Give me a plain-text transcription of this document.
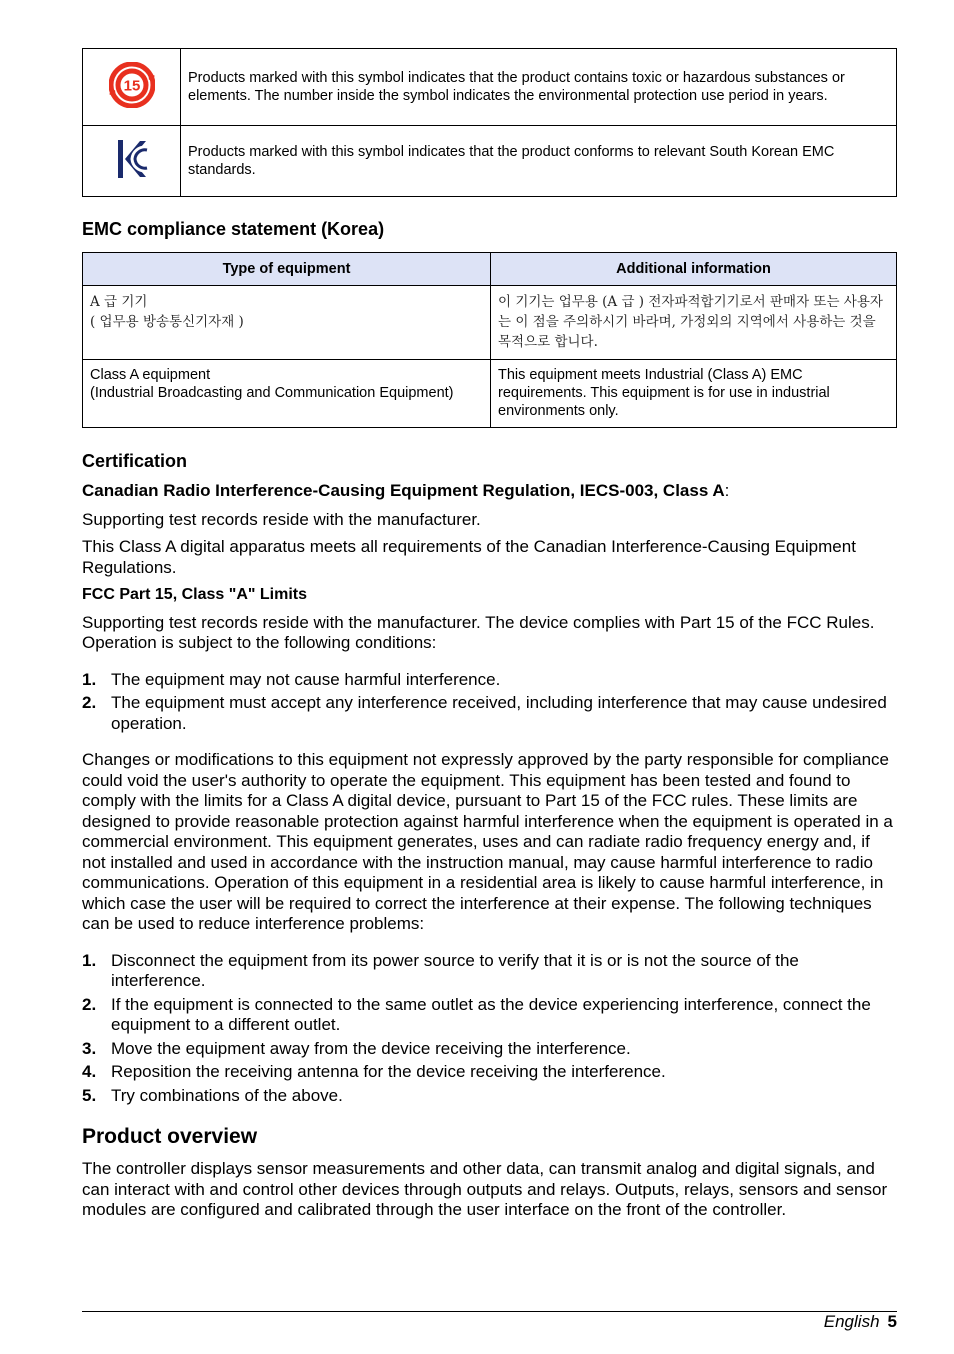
15	Products marked with this symbol indicates that the product contains toxic or hazardous substances or elements. The number inside the symbol indicates the environmental protection use period in years.
	Products marked with this symbol indicates that the product conforms to relevant South Korean EMC standards.
EMC compliance statement (Korea)
Type of equipment	Additional information
A 급 기기
( 업무용 방송통신기자재 )	이 기기는 업무용 (A 급 ) 전자파적합기기로서 판매자 또는 사용자는 이 점을 주의하시기 바라며, 가정외의 지역에서 사용하는 것을 목적으로 합니다.
Class A equipment
(Industrial Broadcasting and Communication Equipment)	This equipment meets Industrial (Class A) EMC requirements. This equipment is for use in industrial environments only.
Certification

Canadian Radio Interference-Causing Equipment Regulation, IECS-003, Class A:

Supporting test records reside with the manufacturer.

This Class A digital apparatus meets all requirements of the Canadian Interference-Causing Equipment Regulations.

FCC Part 15, Class "A" Limits

Supporting test records reside with the manufacturer. The device complies with Part 15 of the FCC Rules. Operation is subject to the following conditions:

1. The equipment may not cause harmful interference.
2. The equipment must accept any interference received, including interference that may cause undesired operation.

Changes or modifications to this equipment not expressly approved by the party responsible for compliance could void the user's authority to operate the equipment. This equipment has been tested and found to comply with the limits for a Class A digital device, pursuant to Part 15 of the FCC rules. These limits are designed to provide reasonable protection against harmful interference when the equipment is operated in a commercial environment. This equipment generates, uses and can radiate radio frequency energy and, if not installed and used in accordance with the instruction manual, may cause harmful interference to radio communications. Operation of this equipment in a residential area is likely to cause harmful interference, in which case the user will be required to correct the interference at their expense. The following techniques can be used to reduce interference problems:

1. Disconnect the equipment from its power source to verify that it is or is not the source of the interference.
2. If the equipment is connected to the same outlet as the device experiencing interference, connect the equipment to a different outlet.
3. Move the equipment away from the device receiving the interference.
4. Reposition the receiving antenna for the device receiving the interference.
5. Try combinations of the above.
Product overview

The controller displays sensor measurements and other data, can transmit analog and digital signals, and can interact with and control other devices through outputs and relays. Outputs, relays, sensors and sensor modules are configured and calibrated through the user interface on the front of the controller.

English 5
